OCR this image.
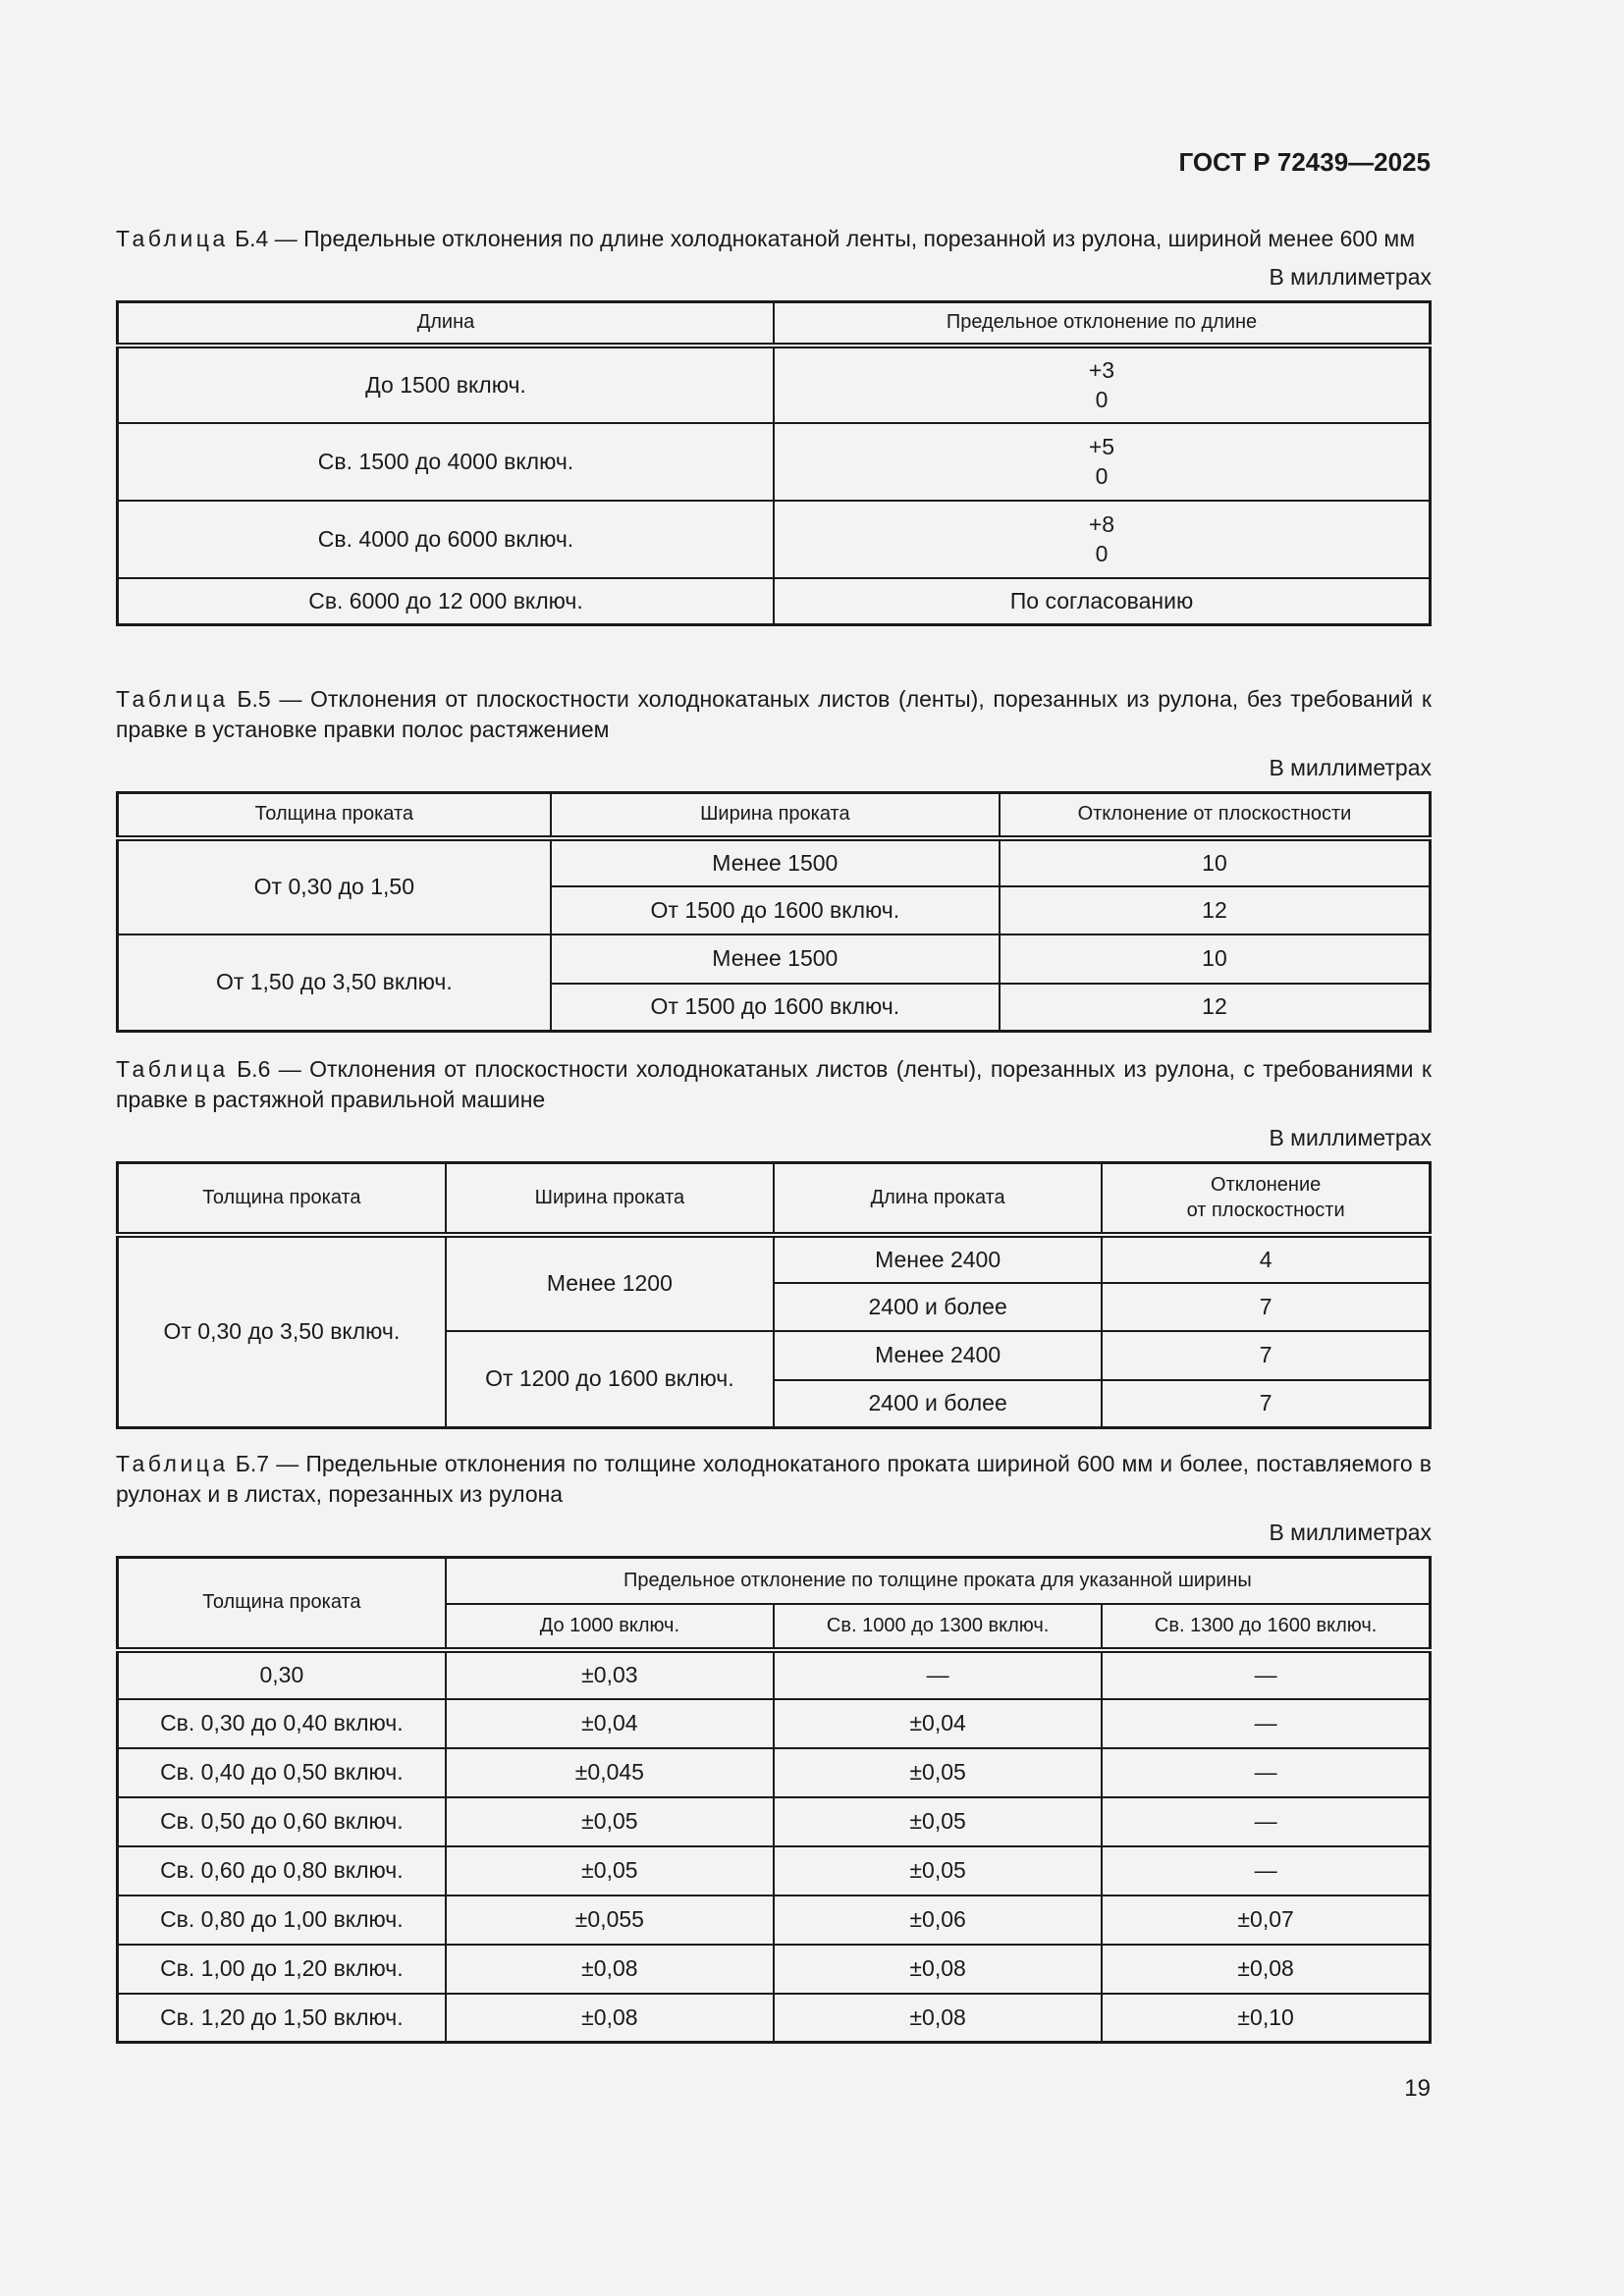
ГОСТ Р 72439—2025
Таблица Б.4 — Предельные отклонения по длине холоднокатаной ленты, порезанной из рулона, шириной менее 600 мм
В миллиметрах
Длина	Предельное отклонение по длине
До 1500 включ.	+3
0

Св. 1500 до 4000 включ.	+5
0

Св. 4000 до 6000 включ.	+8
0

Св. 6000 до 12 000 включ.	По согласованию
Таблица Б.5 — Отклонения от плоскостности холоднокатаных листов (ленты), порезанных из рулона, без требований к правке в установке правки полос растяжением
В миллиметрах
Толщина проката	Ширина проката	Отклонение от плоскостности
От 0,30 до 1,50	Менее 1500	10
	От 1500 до 1600 включ.	12
От 1,50 до 3,50 включ.	Менее 1500	10
	От 1500 до 1600 включ.	12
Таблица Б.6 — Отклонения от плоскостности холоднокатаных листов (ленты), порезанных из рулона, с требованиями к правке в растяжной правильной машине
В миллиметрах
Толщина проката	Ширина проката	Длина проката	Отклонение
от плоскостности

От 0,30 до 3,50 включ.	Менее 1200	Менее 2400	4
		2400 и более	7
	От 1200 до 1600 включ.	Менее 2400	7
		2400 и более	7
Таблица Б.7 — Предельные отклонения по толщине холоднокатаного проката шириной 600 мм и более, поставляемого в рулонах и в листах, порезанных из рулона
В миллиметрах
Толщина проката	Предельное отклонение по толщине проката для указанной ширины		
	До 1000 включ.	Св. 1000 до 1300 включ.	Св. 1300 до 1600 включ.
0,30	±0,03	—	—
Св. 0,30 до 0,40 включ.	±0,04	±0,04	—
Св. 0,40 до 0,50 включ.	±0,045	±0,05	—
Св. 0,50 до 0,60 включ.	±0,05	±0,05	—
Св. 0,60 до 0,80 включ.	±0,05	±0,05	—
Св. 0,80 до 1,00 включ.	±0,055	±0,06	±0,07
Св. 1,00 до 1,20 включ.	±0,08	±0,08	±0,08
Св. 1,20 до 1,50 включ.	±0,08	±0,08	±0,10
19
